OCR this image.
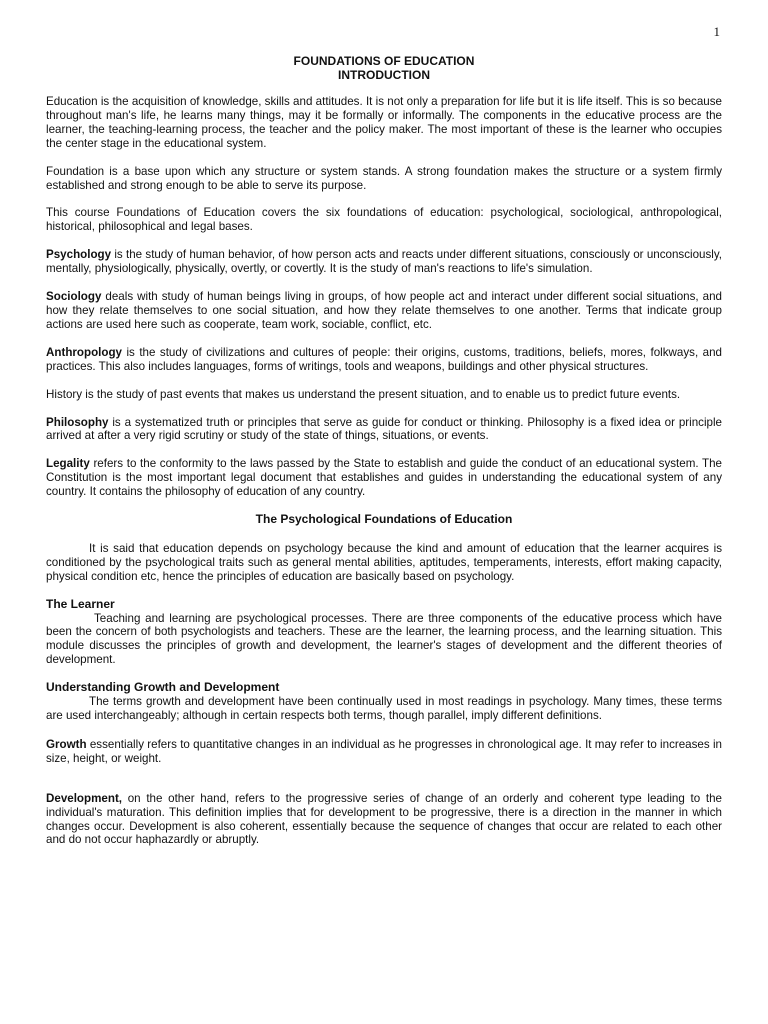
1
FOUNDATIONS OF EDUCATION
INTRODUCTION

Education is the acquisition of knowledge, skills and attitudes. It is not only a preparation for life but it is life itself. This is so because throughout man's life, he learns many things, may it be formally or informally. The components in the educative process are the learner, the teaching-learning process, the teacher and the policy maker. The most important of these is the learner who occupies the center stage in the educational system.

Foundation is a base upon which any structure or system stands. A strong foundation makes the structure or a system firmly established and strong enough to be able to serve its purpose.

This course Foundations of Education covers the six foundations of education: psychological, sociological, anthropological, historical, philosophical and legal bases.

Psychology is the study of human behavior, of how person acts and reacts under different situations, consciously or unconsciously, mentally, physiologically, physically, overtly, or covertly. It is the study of man's reactions to life's simulation.

Sociology deals with study of human beings living in groups, of how people act and interact under different social situations, and how they relate themselves to one social situation, and how they relate themselves to one another. Terms that indicate group actions are used here such as cooperate, team work, sociable, conflict, etc.

Anthropology is the study of civilizations and cultures of people: their origins, customs, traditions, beliefs, mores, folkways, and practices. This also includes languages, forms of writings, tools and weapons, buildings and other physical structures.

History is the study of past events that makes us understand the present situation, and to enable us to predict future events.

Philosophy is a systematized truth or principles that serve as guide for conduct or thinking. Philosophy is a fixed idea or principle arrived at after a very rigid scrutiny or study of the state of things, situations, or events.

Legality refers to the conformity to the laws passed by the State to establish and guide the conduct of an educational system. The Constitution is the most important legal document that establishes and guides in understanding the educational system of any country. It contains the philosophy of education of any country.

The Psychological Foundations of Education

It is said that education depends on psychology because the kind and amount of education that the learner acquires is conditioned by the psychological traits such as general mental abilities, aptitudes, temperaments, interests, effort making capacity, physical condition etc, hence the principles of education are basically based on psychology.

The Learner

Teaching and learning are psychological processes. There are three components of the educative process which have been the concern of both psychologists and teachers. These are the learner, the learning process, and the learning situation. This module discusses the principles of growth and development, the learner's stages of development and the different theories of development.

Understanding Growth and Development

The terms growth and development have been continually used in most readings in psychology. Many times, these terms are used interchangeably; although in certain respects both terms, though parallel, imply different definitions.

Growth essentially refers to quantitative changes in an individual as he progresses in chronological age. It may refer to increases in size, height, or weight.

Development, on the other hand, refers to the progressive series of change of an orderly and coherent type leading to the individual's maturation. This definition implies that for development to be progressive, there is a direction in the manner in which changes occur. Development is also coherent, essentially because the sequence of changes that occur are related to each other and do not occur haphazardly or abruptly.
